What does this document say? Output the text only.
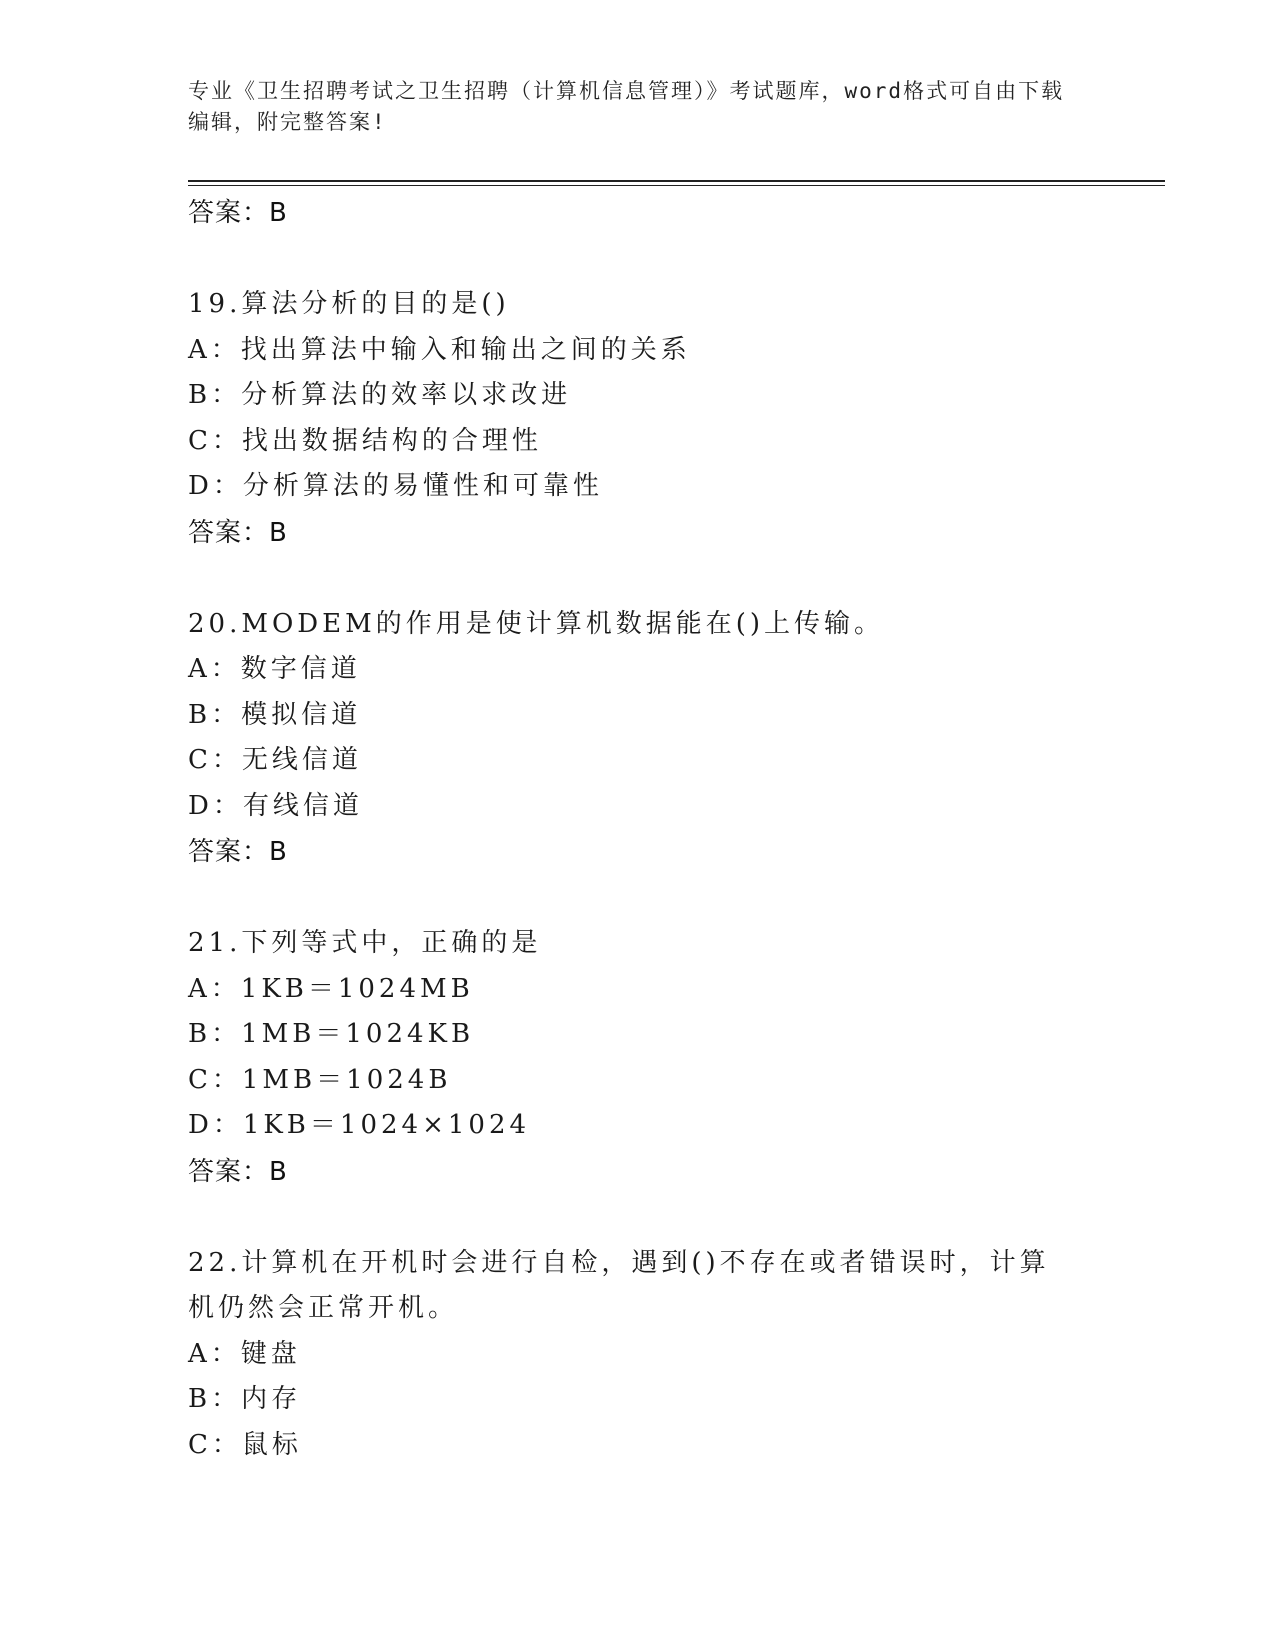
专业《卫生招聘考试之卫生招聘（计算机信息管理）》考试题库，word格式可自由下载编辑，附完整答案!
答案：B
19.算法分析的目的是()
A：找出算法中输入和输出之间的关系
B：分析算法的效率以求改进
C：找出数据结构的合理性
D：分析算法的易懂性和可靠性
答案：B
20.MODEM的作用是使计算机数据能在()上传输。
A：数字信道
B：模拟信道
C：无线信道
D：有线信道
答案：B
21.下列等式中，正确的是
A：1KB＝1024MB
B：1MB＝1024KB
C：1MB＝1024B
D：1KB＝1024×1024
答案：B
22.计算机在开机时会进行自检，遇到()不存在或者错误时，计算机仍然会正常开机。
A：键盘
B：内存
C：鼠标
